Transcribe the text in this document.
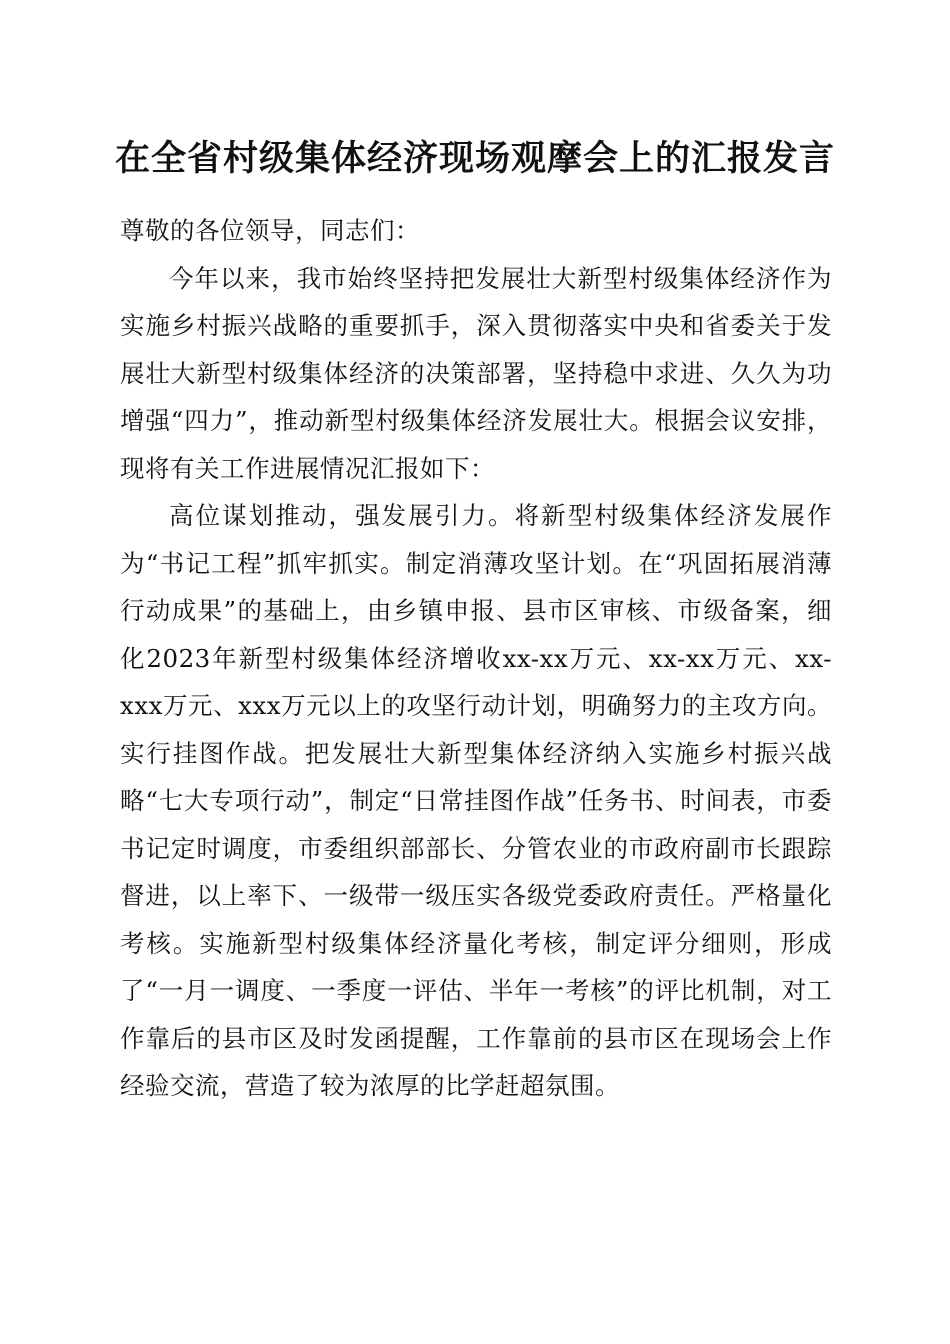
在全省村级集体经济现场观摩会上的汇报发言

尊敬的各位领导，同志们：

今年以来，我市始终坚持把发展壮大新型村级集体经济作为实施乡村振兴战略的重要抓手，深入贯彻落实中央和省委关于发展壮大新型村级集体经济的决策部署，坚持稳中求进、久久为功增强“四力”，推动新型村级集体经济发展壮大。根据会议安排，现将有关工作进展情况汇报如下：

高位谋划推动，强发展引力。将新型村级集体经济发展作为“书记工程”抓牢抓实。制定消薄攻坚计划。在“巩固拓展消薄行动成果”的基础上，由乡镇申报、县市区审核、市级备案，细化2023年新型村级集体经济增收xx-xx万元、xx-xx万元、xx-xxx万元、xxx万元以上的攻坚行动计划，明确努力的主攻方向。实行挂图作战。把发展壮大新型集体经济纳入实施乡村振兴战略“七大专项行动”，制定“日常挂图作战”任务书、时间表，市委书记定时调度，市委组织部部长、分管农业的市政府副市长跟踪督进，以上率下、一级带一级压实各级党委政府责任。严格量化考核。实施新型村级集体经济量化考核，制定评分细则，形成了“一月一调度、一季度一评估、半年一考核”的评比机制，对工作靠后的县市区及时发函提醒，工作靠前的县市区在现场会上作经验交流，营造了较为浓厚的比学赶超氛围。
